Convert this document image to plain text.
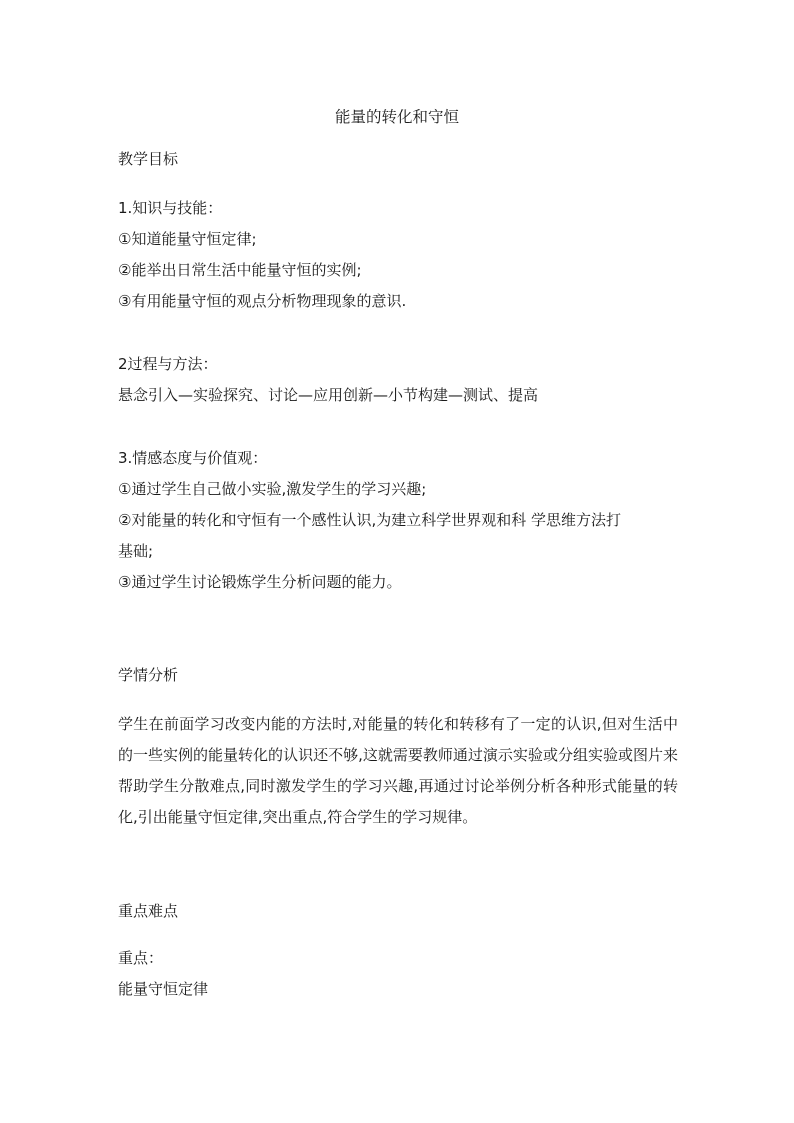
能量的转化和守恒
教学目标
1.知识与技能：
①知道能量守恒定律;
②能举出日常生活中能量守恒的实例;
③有用能量守恒的观点分析物理现象的意识.
2过程与方法：
悬念引入—实验探究、讨论—应用创新—小节构建—测试、提高
3.情感态度与价值观：
①通过学生自己做小实验,激发学生的学习兴趣;
②对能量的转化和守恒有一个感性认识,为建立科学世界观和科 学思维方法打
基础;
③通过学生讨论锻炼学生分析问题的能力。
学情分析
学生在前面学习改变内能的方法时,对能量的转化和转移有了一定的认识,但对生活中的一些实例的能量转化的认识还不够,这就需要教师通过演示实验或分组实验或图片来帮助学生分散难点,同时激发学生的学习兴趣,再通过讨论举例分析各种形式能量的转化,引出能量守恒定律,突出重点,符合学生的学习规律。
重点难点
重点：
能量守恒定律
